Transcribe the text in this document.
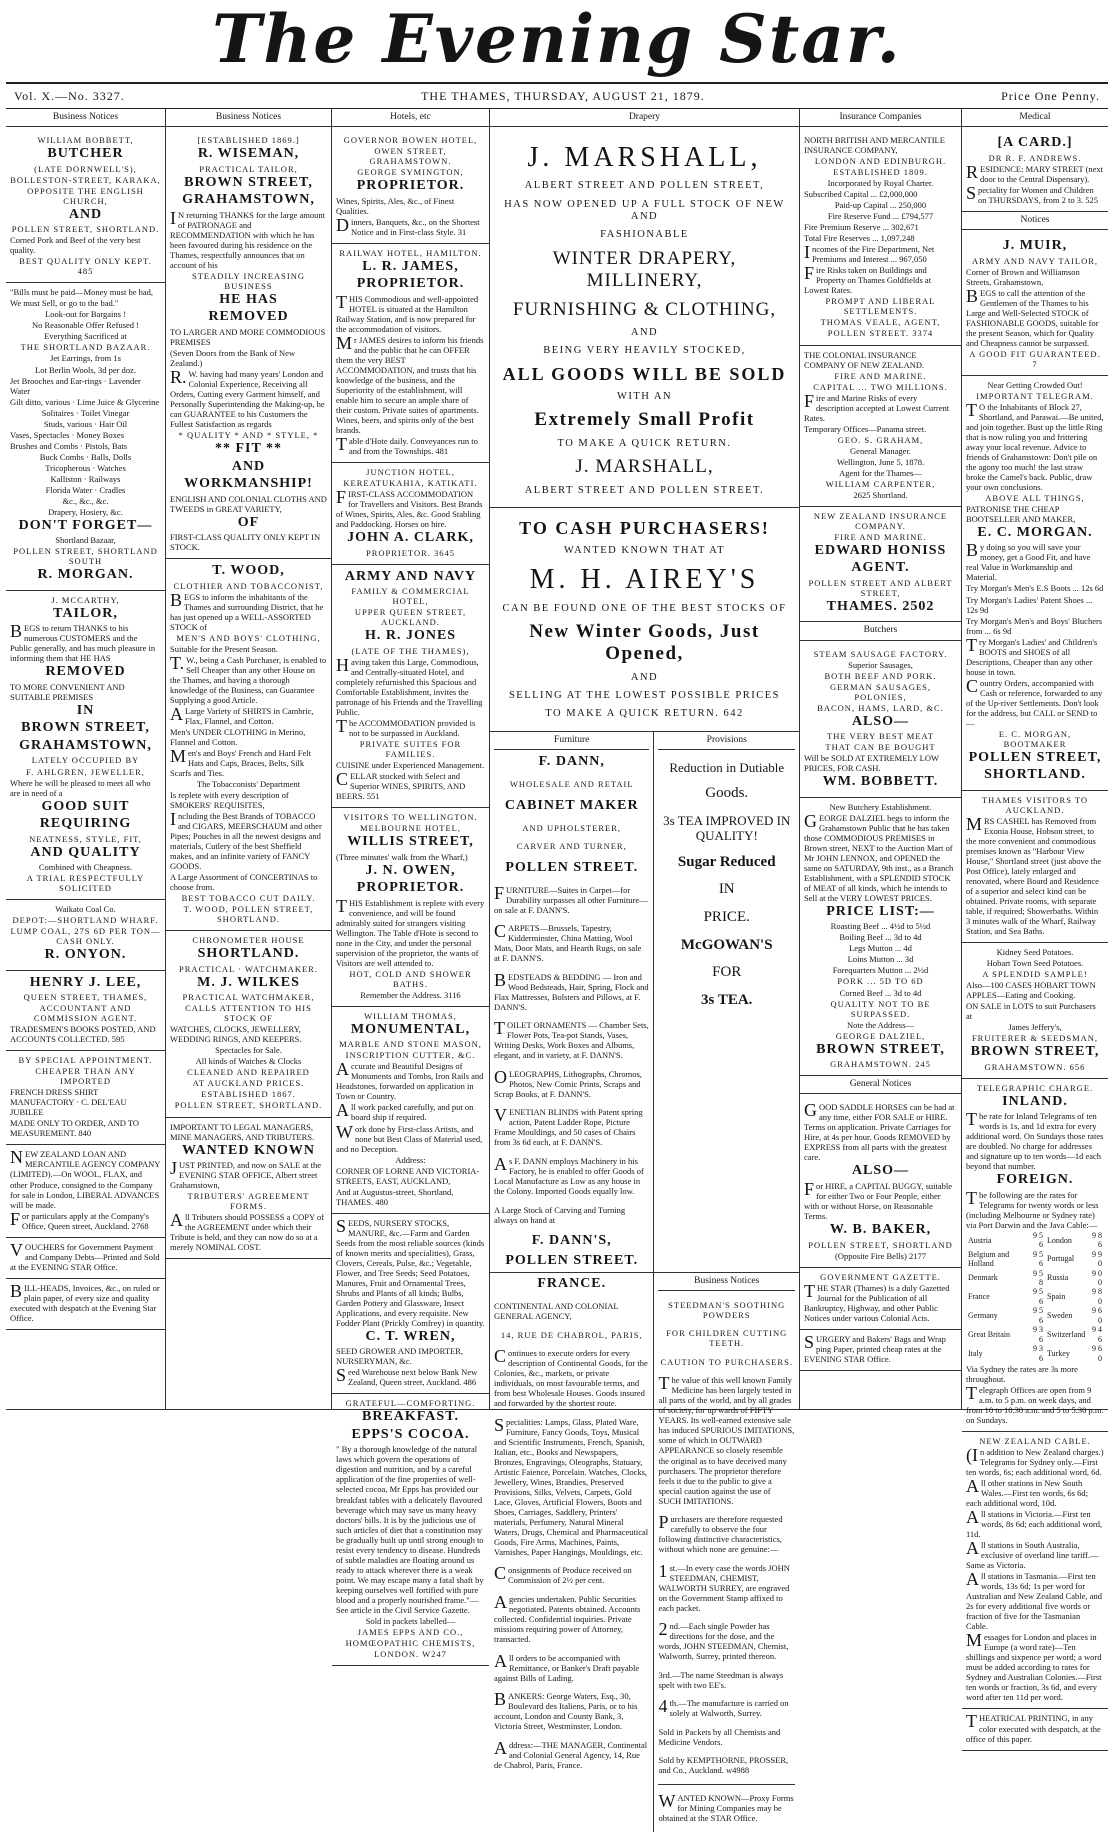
The Evening Star.
Vol. X.—No. 3327.	THE THAMES, THURSDAY, AUGUST 21, 1879.	Price One Penny.
Business Notices

WILLIAM BOBBETT,

BUTCHER

(LATE DORNWELL'S),

BOLLESTON-STREET, KARAKA,

OPPOSITE THE ENGLISH CHURCH,

AND

POLLEN STREET, SHORTLAND.

Corned Pork and Beef of the very best quality.

BEST QUALITY ONLY KEPT. 485

"Bills must be paid—Money must be had,

We must Sell, or go to the bad."

Look-out for Bargains !

No Reasonable Offer Refused !

Everything Sacrificed at

THE SHORTLAND BAZAAR.

Jet Earrings, from 1s

Lot Berlin Wools, 3d per doz.

Jet Brooches and Ear-rings · Lavender Water

Gilt ditto, various · Lime Juice & Glycerine

Solitaires · Toilet Vinegar

Studs, various · Hair Oil

Vases, Spectacles · Money Boxes

Brushes and Combs · Pistols, Bats

Buck Combs · Balls, Dolls

Tricopherous · Watches

Kalliston · Railways

Florida Water · Cradles

&c., &c., &c.

Drapery, Hosiery, &c.

DON'T FORGET—

Shortland Bazaar,

POLLEN STREET, SHORTLAND SOUTH

R. MORGAN.

J. MCCARTHY,

TAILOR,

BEGS to return THANKS to his numerous CUSTOMERS and the Public generally, and has much pleasure in informing them that HE HAS

REMOVED

TO MORE CONVENIENT AND SUITABLE PREMISES

IN

BROWN STREET,

GRAHAMSTOWN,

LATELY OCCUPIED BY

F. AHLGREN, JEWELLER,

Where he will be pleased to meet all who are in need of a

GOOD SUIT

REQUIRING

NEATNESS, STYLE, FIT,

AND QUALITY

Combined with Cheapness.

A TRIAL RESPECTFULLY SOLICITED

Waikato Coal Co.

DEPOT:—SHORTLAND WHARF.

LUMP COAL, 27S 6D PER TON—CASH ONLY.

R. ONYON.

HENRY J. LEE,

QUEEN STREET, THAMES,

ACCOUNTANT AND COMMISSION AGENT.

TRADESMEN'S BOOKS POSTED, AND ACCOUNTS COLLECTED. 595

BY SPECIAL APPOINTMENT.

CHEAPER THAN ANY IMPORTED

FRENCH DRESS SHIRT MANUFACTORY · C. DEL'EAU JUBILEE

MADE ONLY TO ORDER, AND TO MEASUREMENT. 840

NEW ZEALAND LOAN AND MERCANTILE AGENCY COMPANY (LIMITED).—On WOOL, FLAX, and other Produce, consigned to the Company for sale in London, LIBERAL ADVANCES will be made.

For particulars apply at the Company's Office, Queen street, Auckland. 2768

VOUCHERS for Government Payment and Company Debts—Printed and Sold at the EVENING STAR Office.

BILL-HEADS, Invoices, &c., on ruled or plain paper, of every size and quality executed with despatch at the Evening Star Office.

Business Notices

[ESTABLISHED 1869.]

R. WISEMAN,

PRACTICAL TAILOR,

BROWN STREET,

GRAHAMSTOWN,

IN returning THANKS for the large amount of PATRONAGE and RECOMMENDATION with which he has been favoured during his residence on the Thames, respectfully announces that on account of his

STEADILY INCREASING BUSINESS

HE HAS

REMOVED

TO LARGER AND MORE COMMODIOUS PREMISES

(Seven Doors from the Bank of New Zealand.)

R.W. having had many years' London and Colonial Experience, Receiving all Orders, Cutting every Garment himself, and Personally Superintending the Making-up, he can GUARANTEE to his Customers the Fullest Satisfaction as regards

* QUALITY * AND * STYLE, *

** FIT **

AND

WORKMANSHIP!

ENGLISH AND COLONIAL CLOTHS AND TWEEDS in GREAT VARIETY,

OF

FIRST-CLASS QUALITY ONLY KEPT IN STOCK.

T. WOOD,

CLOTHIER AND TOBACCONIST,

BEGS to inform the inhabitants of the Thames and surrounding District, that he has just opened up a WELL-ASSORTED STOCK of

MEN'S AND BOYS' CLOTHING,

Suitable for the Present Season.

T.W., being a Cash Purchaser, is enabled to Sell Cheaper than any other House on the Thames, and having a thorough knowledge of the Business, can Guarantee Supplying a good Article.

ALarge Variety of SHIRTS in Cambric, Flax, Flannel, and Cotton.

Men's UNDER CLOTHING in Merino, Flannel and Cotton.

Men's and Boys' French and Hard Felt Hats and Caps, Braces, Belts, Silk Scarfs and Ties.

The Tobacconists' Department

Is replete with every description of SMOKERS' REQUISITES,

Including the Best Brands of TOBACCO and CIGARS, MEERSCHAUM and other Pipes; Pouches in all the newest designs and materials, Cutlery of the best Sheffield makes, and an infinite variety of FANCY GOODS.

A Large Assortment of CONCERTINAS to choose from.

BEST TOBACCO CUT DAILY.

T. WOOD, POLLEN STREET, SHORTLAND.

CHRONOMETER HOUSE

SHORTLAND.

PRACTICAL · WATCHMAKER.

M. J. WILKES

PRACTICAL WATCHMAKER,

CALLS ATTENTION TO HIS STOCK OF

WATCHES, CLOCKS, JEWELLERY, WEDDING RINGS, AND KEEPERS.

Spectacles for Sale.

All kinds of Watches & Clocks

CLEANED AND REPAIRED

AT AUCKLAND PRICES.

ESTABLISHED 1867.

POLLEN STREET, SHORTLAND.

IMPORTANT TO LEGAL MANAGERS, MINE MANAGERS, AND TRIBUTERS.

WANTED KNOWN

JUST PRINTED, and now on SALE at the EVENING STAR OFFICE, Albert street Grahamstown,

TRIBUTERS' AGREEMENT FORMS.

All Tributers should POSSESS a COPY of the AGREEMENT under which their Tribute is held, and they can now do so at a merely NOMINAL COST.

Hotels, etc

GOVERNOR BOWEN HOTEL,

OWEN STREET, GRAHAMSTOWN.

GEORGE SYMINGTON,

PROPRIETOR.

Wines, Spirits, Ales, &c., of Finest Qualities.

Dinners, Banquets, &c., on the Shortest Notice and in First-class Style. 31

RAILWAY HOTEL, HAMILTON.

L. R. JAMES,

PROPRIETOR.

THIS Commodious and well-appointed HOTEL is situated at the Hamilton Railway Station, and is now prepared for the accommodation of visitors.

Mr JAMES desires to inform his friends and the public that he can OFFER them the very BEST ACCOMMODATION, and trusts that his knowledge of the business, and the Superiority of the establishment, will enable him to secure an ample share of their custom. Private suites of apartments. Wines, beers, and spirits only of the best brands.

Table d'Hote daily. Conveyances run to and from the Townships. 481

JUNCTION HOTEL,

KEREATUKAHIA, KATIKATI.

FIRST-CLASS ACCOMMODATION for Travellers and Visitors. Best Brands of Wines, Spirits, Ales, &c. Good Stabling and Paddocking. Horses on hire.

JOHN A. CLARK,

PROPRIETOR. 3645

ARMY AND NAVY

FAMILY & COMMERCIAL HOTEL,

UPPER QUEEN STREET, AUCKLAND.

H. R. JONES

(LATE OF THE THAMES),

Having taken this Large, Commodious, and Centrally-situated Hotel, and completely refurnished this Spacious and Comfortable Establishment, invites the patronage of his Friends and the Travelling Public.

The ACCOMMODATION provided is not to be surpassed in Auckland.

PRIVATE SUITES FOR FAMILIES.

CUISINE under Experienced Management.

CELLAR stocked with Select and Superior WINES, SPIRITS, AND BEERS. 551

VISITORS TO WELLINGTON.

MELBOURNE HOTEL,

WILLIS STREET,

(Three minutes' walk from the Wharf,)

J. N. OWEN,

PROPRIETOR.

THIS Establishment is replete with every convenience, and will be found admirably suited for strangers visiting Wellington. The Table d'Hote is second to none in the City, and under the personal supervision of the proprietor, the wants of Visitors are well attended to.

HOT, COLD AND SHOWER BATHS.

Remember the Address. 3116

WILLIAM THOMAS,

MONUMENTAL,

MARBLE AND STONE MASON,

INSCRIPTION CUTTER, &C.

Accurate and Beautiful Designs of Monuments and Tombs, Iron Rails and Headstones, forwarded on application in Town or Country.

All work packed carefully, and put on board ship if required.

Work done by First-class Artists, and none but Best Class of Material used, and no Deception.

Address:

CORNER OF LORNE AND VICTORIA-STREETS, EAST, AUCKLAND,

And at Augustus-street, Shortland, THAMES. 480

SEEDS, NURSERY STOCKS, MANURE, &c.—Farm and Garden Seeds from the most reliable sources (kinds of known merits and specialities), Grass, Clovers, Cereals, Pulse, &c.; Vegetable, Flower, and Tree Seeds; Seed Potatoes, Manures, Fruit and Ornamental Trees, Shrubs and Plants of all kinds; Bulbs, Garden Pottery and Glassware, Insect Applications, and every requisite. New Fodder Plant (Prickly Comfrey) in quantity.

C. T. WREN,

SEED GROWER AND IMPORTER, NURSERYMAN, &c.

Seed Warehouse next below Bank New Zealand, Queen street, Auckland. 486

GRATEFUL—COMFORTING.

BREAKFAST.

EPPS'S COCOA.

" By a thorough knowledge of the natural laws which govern the operations of digestion and nutrition, and by a careful application of the fine properties of well-selected cocoa, Mr Epps has provided our breakfast tables with a delicately flavoured beverage which may save us many heavy doctors' bills. It is by the judicious use of such articles of diet that a constitution may be gradually built up until strong enough to resist every tendency to disease. Hundreds of subtle maladies are floating around us ready to attack wherever there is a weak point. We may escape many a fatal shaft by keeping ourselves well fortified with pure blood and a properly nourished frame."—See article in the Civil Service Gazette.

Sold in packets labelled—

JAMES EPPS AND CO.,

HOMŒOPATHIC CHEMISTS,

LONDON. W247

Drapery
J. MARSHALL,
ALBERT STREET AND POLLEN STREET,
HAS NOW OPENED UP A FULL STOCK OF NEW AND
FASHIONABLE
WINTER DRAPERY, MILLINERY,
FURNISHING & CLOTHING,
AND
BEING VERY HEAVILY STOCKED,
ALL GOODS WILL BE SOLD
WITH AN
Extremely Small Profit
TO MAKE A QUICK RETURN.
J. MARSHALL,
ALBERT STREET AND POLLEN STREET.
TO CASH PURCHASERS!
WANTED KNOWN THAT AT
M. H. AIREY'S
CAN BE FOUND ONE OF THE BEST STOCKS OF
New Winter Goods, Just Opened,
AND
SELLING AT THE LOWEST POSSIBLE PRICES
TO MAKE A QUICK RETURN. 642
Furniture

F. DANN,

WHOLESALE AND RETAIL

CABINET MAKER

AND UPHOLSTERER,

CARVER AND TURNER,

POLLEN STREET.

FURNITURE—Suites in Carpet—for Durability surpasses all other Furniture—on sale at F. DANN'S.

CARPETS—Brussels, Tapestry, Kidderminster, China Matting, Wool Mats, Door Mats, and Hearth Rugs, on sale at F. DANN'S.

BEDSTEADS & BEDDING — Iron and Wood Bedsteads, Hair, Spring, Flock and Flax Mattresses, Bolsters and Pillows, at F. DANN'S.

TOILET ORNAMENTS — Chamber Sets, Flower Pots, Tea-pot Stands, Vases, Writing Desks, Work Boxes and Albums, elegant, and in variety, at F. DANN'S.

OLEOGRAPHS, Lithographs, Chromos, Photos, New Comic Prints, Scraps and Scrap Books, at F. DANN'S.

VENETIAN BLINDS with Patent spring action, Patent Ladder Rope, Picture Frame Mouldings, and 50 cases of Chairs from 3s 6d each, at F. DANN'S.

As F. DANN employs Machinery in his Factory, he is enabled to offer Goods of Local Manufacture as Low as any house in the Colony. Imported Goods equally low.

A Large Stock of Carving and Turning always on hand at

F. DANN'S,

POLLEN STREET.

Provisions
Reduction in Dutiable
Goods.
3s TEA IMPROVED IN QUALITY!
Sugar Reduced
IN
PRICE.
McGOWAN'S
FOR
3s TEA.

FRANCE.

CONTINENTAL AND COLONIAL GENERAL AGENCY,

14, RUE DE CHABROL, PARIS,

Continues to execute orders for every description of Continental Goods, for the Colonies, &c., markets, or private individuals, on most favourable terms, and from best Wholesale Houses. Goods insured and forwarded by the shortest route.

Specialities: Lamps, Glass, Plated Ware, Furniture, Fancy Goods, Toys, Musical and Scientific Instruments, French, Spanish, Italian, etc., Books and Newspapers, Bronzes, Engravings, Oleographs, Statuary, Artistic Faience, Porcelain. Watches, Clocks, Jewellery, Wines, Brandies, Preserved Provisions, Silks, Velvets, Carpets, Gold Lace, Gloves, Artificial Flowers, Boots and Shoes, Carriages, Saddlery, Printers' materials, Perfumery, Natural Mineral Waters, Drugs, Chemical and Pharmaceutical Goods, Fire Arms, Machines, Paints, Varnishes, Paper Hangings, Mouldings, etc.

Consignments of Produce received on Commission of 2½ per cent.

Agencies undertaken. Public Securities negotiated. Patents obtained. Accounts collected. Confidential inquiries. Private missions requiring power of Attorney, transacted.

All orders to be accompanied with Remittance, or Banker's Draft payable against Bills of Lading.

BANKERS: George Waters, Esq., 30, Boulevard des Italiens, Paris, or to his account, London and County Bank, 3, Victoria Street, Westminster, London.

Address:—THE MANAGER, Continental and Colonial General Agency, 14, Rue de Chabrol, Paris, France.

Business Notices

STEEDMAN'S SOOTHING POWDERS

FOR CHILDREN CUTTING TEETH.

CAUTION TO PURCHASERS.

The value of this well known Family Medicine has been largely tested in all parts of the world, and by all grades of society, for up wards of FIFTY YEARS. Its well-earned extensive sale has induced SPURIOUS IMITATIONS, some of which in OUTWARD APPEARANCE so closely resemble the original as to have deceived many purchasers. The proprietor therefore feels it due to the public to give a special caution against the use of SUCH IMITATIONS.

Purchasers are therefore requested carefully to observe the four following distinctive characteristics, without which none are genuine:—

1st.—In every case the words JOHN STEEDMAN, CHEMIST, WALWORTH SURREY, are engraved on the Government Stamp affixed to each packet.

2nd.—Each single Powder has directions for the dose, and the words, JOHN STEEDMAN, Chemist, Walworth, Surrey, printed thereon.

3rd.—The name Steedman is always spelt with two EE's.

4th.—The manufacture is carried on solely at Walworth, Surrey.

Sold in Packets by all Chemists and Medicine Vendors.

Sold by KEMPTHORNE, PROSSER, and Co., Auckland. w4988

WANTED KNOWN—Proxy Forms for Mining Companies may be obtained at the STAR Office.

Insurance Companies

NORTH BRITISH AND MERCANTILE INSURANCE COMPANY,

LONDON AND EDINBURGH.

ESTABLISHED 1809.

Incorporated by Royal Charter.

Subscribed Capital ... £2,000,000

Paid-up Capital ... 250,000

Fire Reserve Fund ... £794,577

Fire Premium Reserve ... 302,671

Total Fire Reserves ... 1,097,248

Incomes of the Fire Department, Net Premiums and Interest ... 967,050

Fire Risks taken on Buildings and Property on Thames Goldfields at Lowest Rates.

PROMPT AND LIBERAL SETTLEMENTS.

THOMAS VEALE, AGENT,

POLLEN STREET. 3374

THE COLONIAL INSURANCE COMPANY OF NEW ZEALAND.

FIRE AND MARINE.

CAPITAL ... TWO MILLIONS.

Fire and Marine Risks of every description accepted at Lowest Current Rates.

Temporary Offices—Panama street.

GEO. S. GRAHAM,

General Manager.

Wellington, June 5, 1878.

Agent for the Thames—

WILLIAM CARPENTER,

2625 Shortland.

NEW ZEALAND INSURANCE COMPANY.

FIRE AND MARINE.

EDWARD HONISS

AGENT.

POLLEN STREET AND ALBERT STREET,

THAMES. 2502

Butchers

STEAM SAUSAGE FACTORY.

Superior Sausages,

BOTH BEEF AND PORK.

GERMAN SAUSAGES, POLONIES,

BACON, HAMS, LARD, &C.

ALSO—

THE VERY BEST MEAT

THAT CAN BE BOUGHT

Will be SOLD AT EXTREMELY LOW PRICES, FOR CASH.

WM. BOBBETT.

New Butchery Establishment.

GEORGE DALZIEL begs to inform the Grahamstown Public that he has taken those COMMODIOUS PREMISES in Brown street, NEXT to the Auction Mart of Mr JOHN LENNOX, and OPENED the same on SATURDAY, 9th inst., as a Branch Establishment, with a SPLENDID STOCK of MEAT of all kinds, which he intends to Sell at the VERY LOWEST PRICES.

PRICE LIST:—

Roasting Beef ... 4½d to 5½d

Boiling Beef ... 3d to 4d

Legs Mutton ... 4d

Loins Mutton ... 3d

Forequarters Mutton ... 2½d

PORK ... 5D TO 6D

Corned Beef ... 3d to 4d

QUALITY NOT TO BE SURPASSED.

Note the Address—

GEORGE DALZIEL,

BROWN STREET,

GRAHAMSTOWN. 245

General Notices

GOOD SADDLE HORSES can be had at any time, either FOR SALE or HIRE. Terms on application. Private Carriages for Hire, at 4s per hour. Goods REMOVED by EXPRESS from all parts with the greatest care.

ALSO—

For HIRE, a CAPITAL BUGGY, suitable for either Two or Four People, either with or without Horse, on Reasonable Terms.

W. B. BAKER,

POLLEN STREET, SHORTLAND

(Opposite Fire Bells) 2177

GOVERNMENT GAZETTE.

THE STAR (Thames) is a duly Gazetted Journal for the Publication of all Bankruptcy, Highway, and other Public Notices under various Colonial Acts.

SURGERY and Bakers' Bags and Wrap ping Paper, printed cheap rates at the EVENING STAR Office.

Medical

[A CARD.]

DR R. F. ANDREWS.

RESIDENCE: MARY STREET (next door to the Central Dispensary).

Speciality for Women and Children on THURSDAYS, from 2 to 3. 525

Notices

J. MUIR,

ARMY AND NAVY TAILOR,

Corner of Brown and Williamson Streets, Grahamstown,

BEGS to call the attention of the Gentlemen of the Thames to his Large and Well-Selected STOCK of FASHIONABLE GOODS, suitable for the present Season, which for Quality and Cheapness cannot be surpassed.

A GOOD FIT GUARANTEED. 7

Near Getting Crowded Out!

IMPORTANT TELEGRAM.

TO the Inhabitants of Block 27, Shortland, and Parawai.—Be united, and join together. Bust up the little Ring that is now ruling you and frittering away your local revenue. Advice to friends of Grahamstown: Don't pile on the agony too much! the last straw broke the Camel's back. Public, draw your own conclusions.

ABOVE ALL THINGS,

PATRONISE THE CHEAP BOOTSELLER AND MAKER,

E. C. MORGAN.

By doing so you will save your money, get a Good Fit, and have real Value in Workmanship and Material.

Try Morgan's Men's E.S Boots ... 12s 6d

Try Morgan's Ladies' Patent Shoes ... 12s 9d

Try Morgan's Men's and Boys' Bluchers from ... 6s 9d

Try Morgan's Ladies' and Children's BOOTS and SHOES of all Descriptions, Cheaper than any other house in town.

Country Orders, accompanied with Cash or reference, forwarded to any of the Up-river Settlements. Don't look for the address, but CALL or SEND to—

E. C. MORGAN, BOOTMAKER

POLLEN STREET,

SHORTLAND.

THAMES VISITORS TO AUCKLAND.

MRS CASHEL has Removed from Exonia House, Hobson street, to the more convenient and commodious premises known as "Harbour View House," Shortland street (just above the Post Office), lately enlarged and renovated, where Board and Residence of a superior and select kind can be obtained. Private rooms, with separate table, if required; Showerbaths. Within 3 minutes walk of the Wharf, Railway Station, and Sea Baths.

Kidney Seed Potatoes.

Hobart Town Seed Potatoes.

A SPLENDID SAMPLE!

Also—100 CASES HOBART TOWN APPLES—Eating and Cooking.

ON SALE in LOTS to suit Purchasers at

James Jeffery's,

FRUITERER & SEEDSMAN,

BROWN STREET,

GRAHAMSTOWN. 656

TELEGRAPHIC CHARGE.

INLAND.

The rate for Inland Telegrams of ten words is 1s, and 1d extra for every additional word. On Sundays those rates are doubled. No charge for addresses and signature up to ten words—1d each beyond that number.

FOREIGN.

The following are the rates for Telegrams for twenty words or less (including Melbourne or Sydney rate) via Port Darwin and the Java Cable:—

Austria	9 5 6	London	9 8 6
Belgium and Holland	9 5 6	Portugal	9 9 0
Denmark	9 5 8	Russia	9 0 0
France	9 5 6	Spain	9 8 0
Germany	9 5 6	Sweden	9 6 0
Great Britain	9 3 6	Switzerland	9 4 6
Italy	9 3 6	Turkey	9 6 0

Via Sydney the rates are 3s more throughout.

Telegraph Offices are open from 9 a.m. to 5 p.m. on week days, and from 10 to 10.30 a.m. and 5 to 5.30 p.m. on Sundays.

NEW ZEALAND CABLE.

(In addition to New Zealand charges.) Telegrams for Sydney only.—First ten words, 6s; each additional word, 6d.

All other stations in New South Wales.—First ten words, 6s 6d; each additional word, 10d.

All stations in Victoria.—First ten words, 8s 6d; each additional word, 11d.

All stations in South Australia, exclusive of overland line tariff.—Same as Victoria.

All stations in Tasmania.—First ten words, 13s 6d; 1s per word for Australian and New Zealand Cable, and 2s for every additional five words or fraction of five for the Tasmanian Cable.

Messages for London and places in Europe (a word rate)—Ten shillings and sixpence per word; a word must be added according to rates for Sydney and Australian Colonies.—First ten words or fraction, 3s 6d, and every word after ten 11d per word.

THEATRICAL PRINTING, in any color executed with despatch, at the office of this paper.
